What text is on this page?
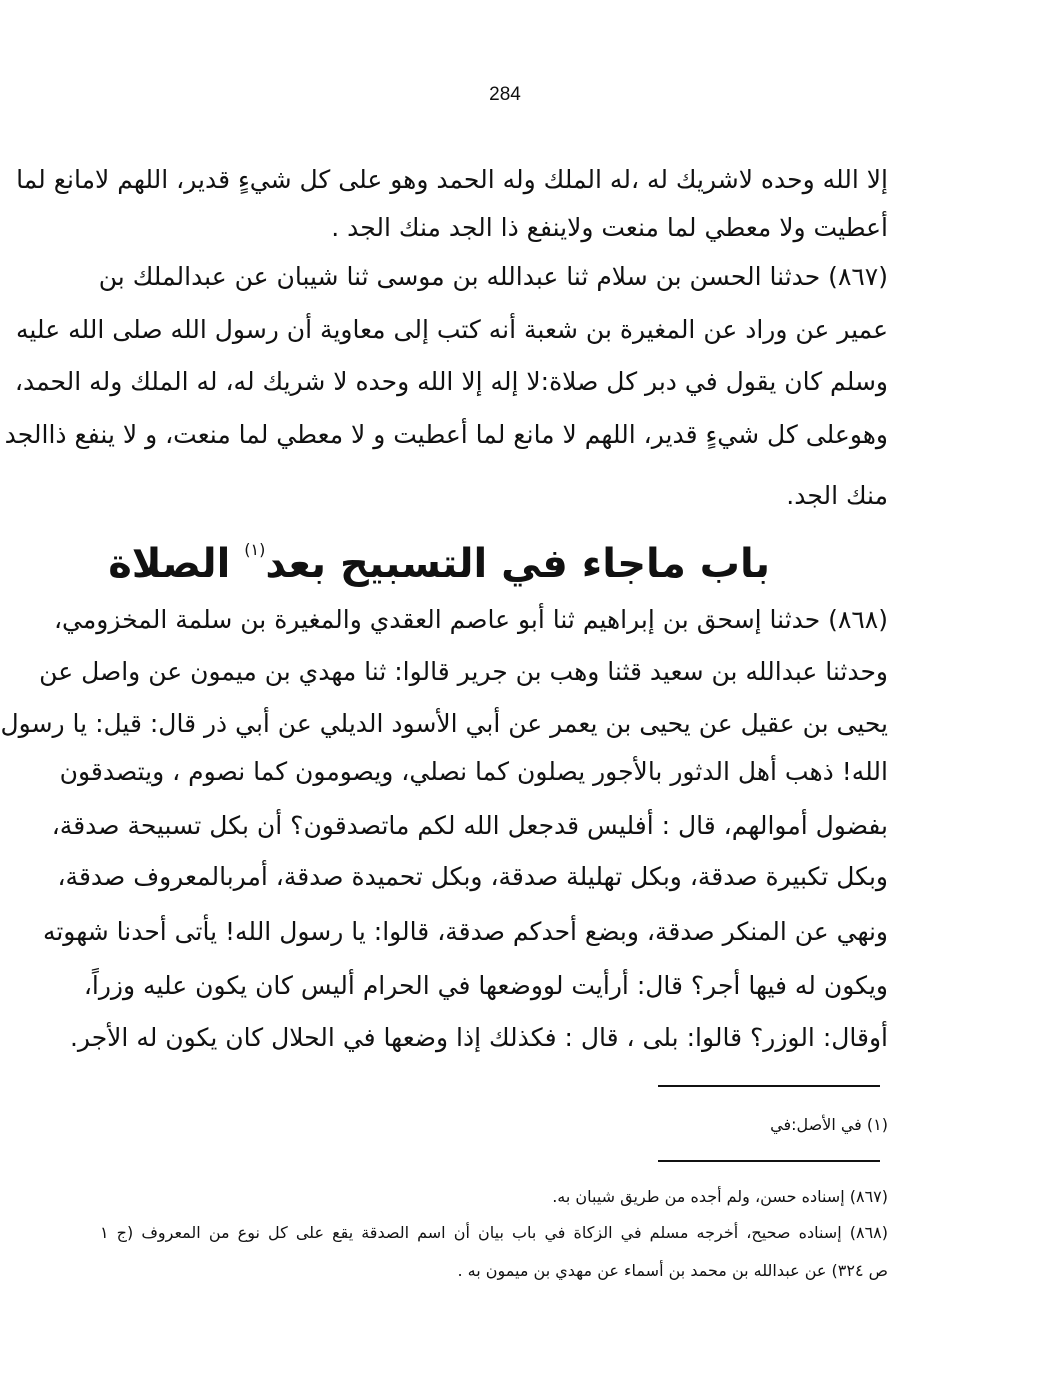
284
إلا الله وحده لاشريك له ،له الملك وله الحمد وهو على كل شيءٍ قدير، اللهم لامانع لما
أعطيت ولا معطي لما منعت ولاينفع ذا الجد منك الجد .
(٨٦٧) حدثنا الحسن بن سلام ثنا عبدالله بن موسى ثنا شيبان عن عبدالملك بن
عمير عن وراد عن المغيرة بن شعبة أنه كتب إلى معاوية أن رسول الله صلى الله عليه
وسلم كان يقول في دبر كل صلاة:لا إله إلا الله وحده لا شريك له، له الملك وله الحمد،
وهوعلى كل شيءٍ قدير، اللهم لا مانع لما أعطيت و لا معطي لما منعت، و لا ينفع ذاالجد
منك الجد.
باب ماجاء في التسبيح بعد$^{(١)}$ الصلاة
(٨٦٨) حدثنا إسحق بن إبراهيم ثنا أبو عاصم العقدي والمغيرة بن سلمة المخزومي،
وحدثنا عبدالله بن سعيد قثنا وهب بن جرير قالوا: ثنا مهدي بن ميمون عن واصل عن
يحيى بن عقيل عن يحيى بن يعمر عن أبي الأسود الديلي عن أبي ذر قال: قيل: يا رسول
الله! ذهب أهل الدثور بالأجور يصلون كما نصلي، ويصومون كما نصوم ، ويتصدقون
بفضول أموالهم، قال : أفليس قدجعل الله لكم ماتصدقون؟ أن بكل تسبيحة صدقة،
وبكل تكبيرة صدقة، وبكل تهليلة صدقة، وبكل تحميدة صدقة، أمربالمعروف صدقة،
ونهي عن المنكر صدقة، وبضع أحدكم صدقة، قالوا: يا رسول الله! يأتى أحدنا شهوته
ويكون له فيها أجر؟ قال: أرأيت لووضعها في الحرام أليس كان يكون عليه وزراً،
أوقال: الوزر؟ قالوا: بلى ، قال : فكذلك إذا وضعها في الحلال كان يكون له الأجر.
(١) في الأصل:في
(٨٦٧) إسناده حسن، ولم أجده من طريق شيبان به.
(٨٦٨) إسناده صحيح، أخرجه مسلم في الزكاة في باب بيان أن اسم الصدقة يقع على كل نوع من المعروف (ج ١
ص ٣٢٤) عن عبدالله بن محمد بن أسماء عن مهدي بن ميمون به .
